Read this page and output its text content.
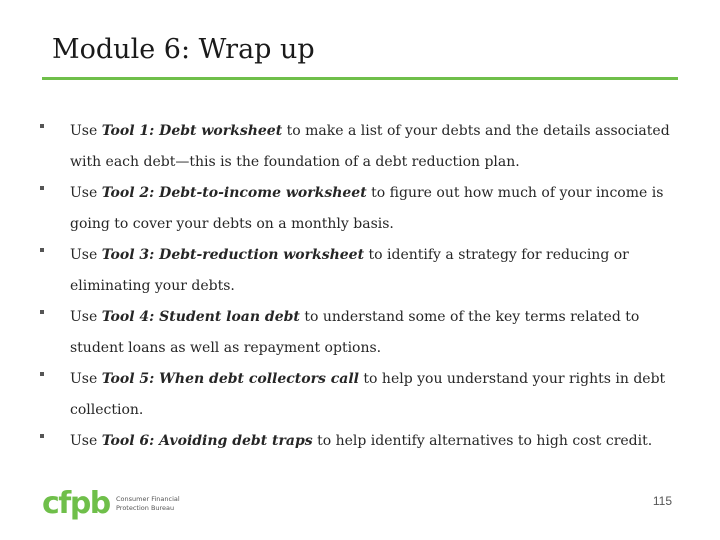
Module 6: Wrap up
Use Tool 1: Debt worksheet to make a list of your debts and the details associated with each debt—this is the foundation of a debt reduction plan.
Use Tool 2: Debt-to-income worksheet to figure out how much of your income is going to cover your debts on a monthly basis.
Use Tool 3: Debt-reduction worksheet to identify a strategy for reducing or eliminating your debts.
Use Tool 4: Student loan debt to understand some of the key terms related to student loans as well as repayment options.
Use Tool 5: When debt collectors call to help you understand your rights in debt collection.
Use Tool 6: Avoiding debt traps to help identify alternatives to high cost credit.
cfpb Consumer Financial
Protection Bureau	115
